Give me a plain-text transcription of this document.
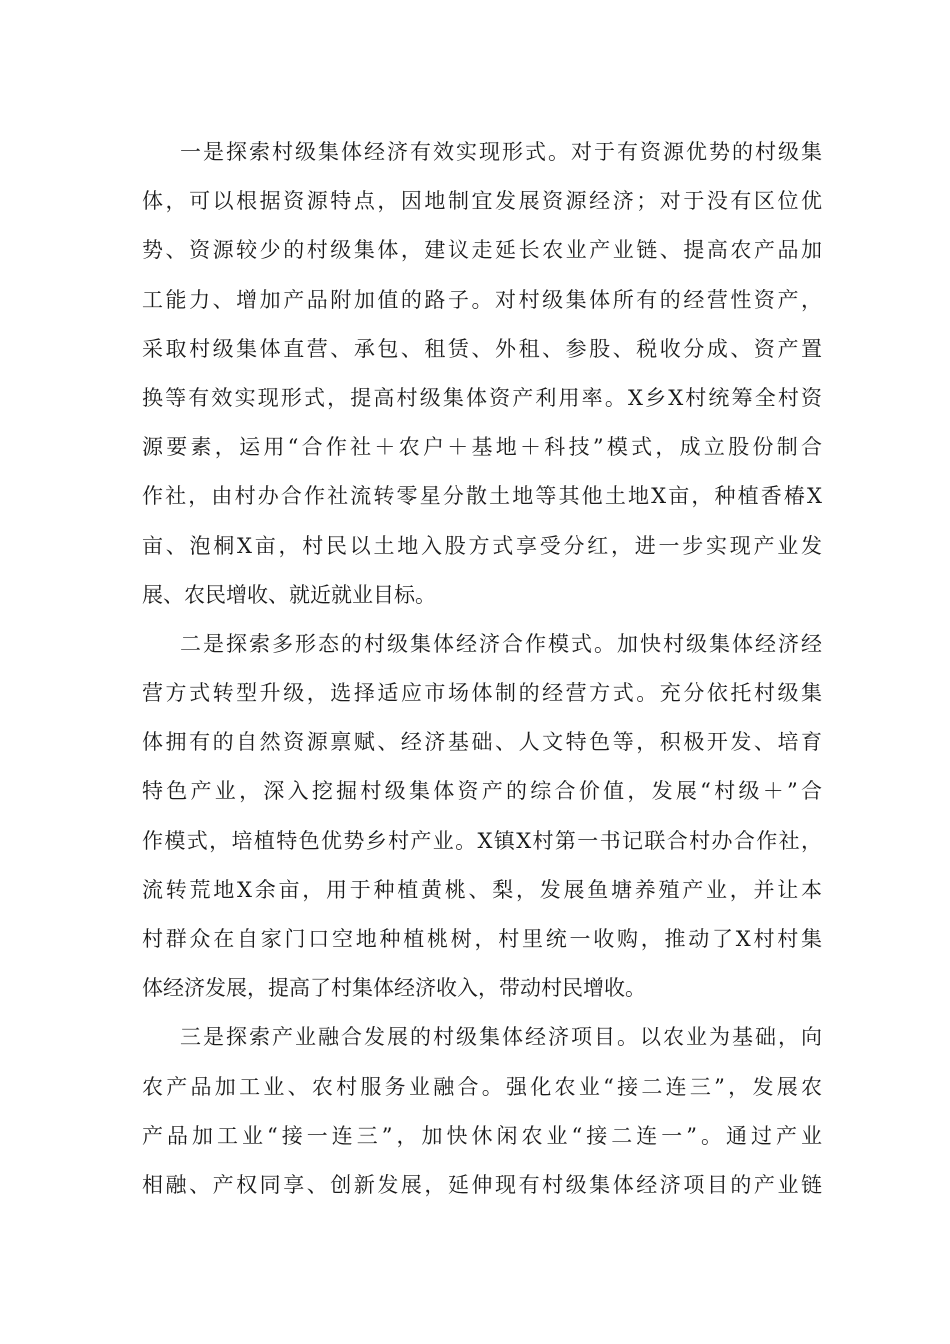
一是探索村级集体经济有效实现形式。对于有资源优势的村级集
体，可以根据资源特点，因地制宜发展资源经济；对于没有区位优
势、资源较少的村级集体，建议走延长农业产业链、提高农产品加
工能力、增加产品附加值的路子。对村级集体所有的经营性资产，
采取村级集体直营、承包、租赁、外租、参股、税收分成、资产置
换等有效实现形式，提高村级集体资产利用率。X乡X村统筹全村资
源要素，运用“合作社＋农户＋基地＋科技”模式，成立股份制合
作社，由村办合作社流转零星分散土地等其他土地X亩，种植香椿X
亩、泡桐X亩，村民以土地入股方式享受分红，进一步实现产业发
展、农民增收、就近就业目标。
二是探索多形态的村级集体经济合作模式。加快村级集体经济经
营方式转型升级，选择适应市场体制的经营方式。充分依托村级集
体拥有的自然资源禀赋、经济基础、人文特色等，积极开发、培育
特色产业，深入挖掘村级集体资产的综合价值，发展“村级＋”合
作模式，培植特色优势乡村产业。X镇X村第一书记联合村办合作社，
流转荒地X余亩，用于种植黄桃、梨，发展鱼塘养殖产业，并让本
村群众在自家门口空地种植桃树，村里统一收购，推动了X村村集
体经济发展，提高了村集体经济收入，带动村民增收。
三是探索产业融合发展的村级集体经济项目。以农业为基础，向
农产品加工业、农村服务业融合。强化农业“接二连三”，发展农
产品加工业“接一连三”，加快休闲农业“接二连一”。通过产业
相融、产权同享、创新发展，延伸现有村级集体经济项目的产业链
